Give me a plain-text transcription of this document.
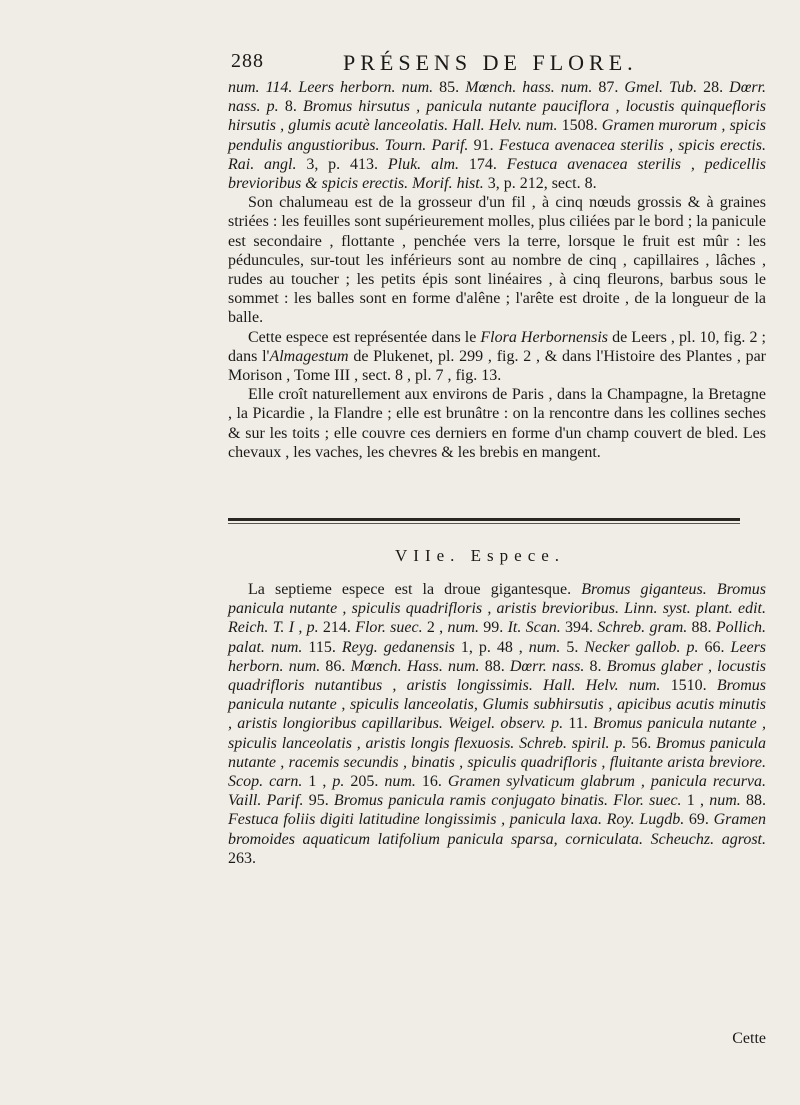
288	PRÉSENS DE FLORE.

num. 114. Leers herborn. num. 85. Mœnch. hass. num. 87. Gmel. Tub. 28. Dœrr. nass. p. 8. Bromus hirsutus , panicula nutante pauciflora , locustis quinquefloris hirsutis , glumis acutè lanceolatis. Hall. Helv. num. 1508. Gramen murorum , spicis pendulis angustioribus. Tourn. Parif. 91. Festuca avenacea sterilis , spicis erectis. Rai. angl. 3, p. 413. Pluk. alm. 174. Festuca avenacea sterilis , pedicellis brevioribus & spicis erectis. Morif. hist. 3, p. 212, sect. 8.

Son chalumeau est de la grosseur d'un fil , à cinq nœuds grossis & à graines striées : les feuilles sont supérieurement molles, plus ciliées par le bord ; la panicule est secondaire , flottante , penchée vers la terre, lorsque le fruit est mûr : les péduncules, sur-tout les inférieurs sont au nombre de cinq , capillaires , lâches , rudes au toucher ; les petits épis sont linéaires , à cinq fleurons, barbus sous le sommet : les balles sont en forme d'alêne ; l'arête est droite , de la longueur de la balle.

Cette espece est représentée dans le Flora Herbornensis de Leers , pl. 10, fig. 2 ; dans l'Almagestum de Plukenet, pl. 299 , fig. 2 , & dans l'Histoire des Plantes , par Morison , Tome III , sect. 8 , pl. 7 , fig. 13.

Elle croît naturellement aux environs de Paris , dans la Champagne, la Bretagne , la Picardie , la Flandre ; elle est brunâtre : on la rencontre dans les collines seches & sur les toits ; elle couvre ces derniers en forme d'un champ couvert de bled. Les chevaux , les vaches, les chevres & les brebis en mangent.

VIIe. Espece.

La septieme espece est la droue gigantesque. Bromus giganteus. Bromus panicula nutante , spiculis quadrifloris , aristis brevioribus. Linn. syst. plant. edit. Reich. T. I , p. 214. Flor. suec. 2 , num. 99. It. Scan. 394. Schreb. gram. 88. Pollich. palat. num. 115. Reyg. gedanensis 1, p. 48 , num. 5. Necker gallob. p. 66. Leers herborn. num. 86. Mœnch. Hass. num. 88. Dœrr. nass. 8. Bromus glaber , locustis quadrifloris nutantibus , aristis longissimis. Hall. Helv. num. 1510. Bromus panicula nutante , spiculis lanceolatis, Glumis subhirsutis , apicibus acutis minutis , aristis longioribus capillaribus. Weigel. observ. p. 11. Bromus panicula nutante , spiculis lanceolatis , aristis longis flexuosis. Schreb. spiril. p. 56. Bromus panicula nutante , racemis secundis , binatis , spiculis quadrifloris , fluitante arista breviore. Scop. carn. 1 , p. 205. num. 16. Gramen sylvaticum glabrum , panicula recurva. Vaill. Parif. 95. Bromus panicula ramis conjugato binatis. Flor. suec. 1 , num. 88. Festuca foliis digiti latitudine longissimis , panicula laxa. Roy. Lugdb. 69. Gramen bromoides aquaticum latifolium panicula sparsa, corniculata. Scheuchz. agrost. 263.

Cette
